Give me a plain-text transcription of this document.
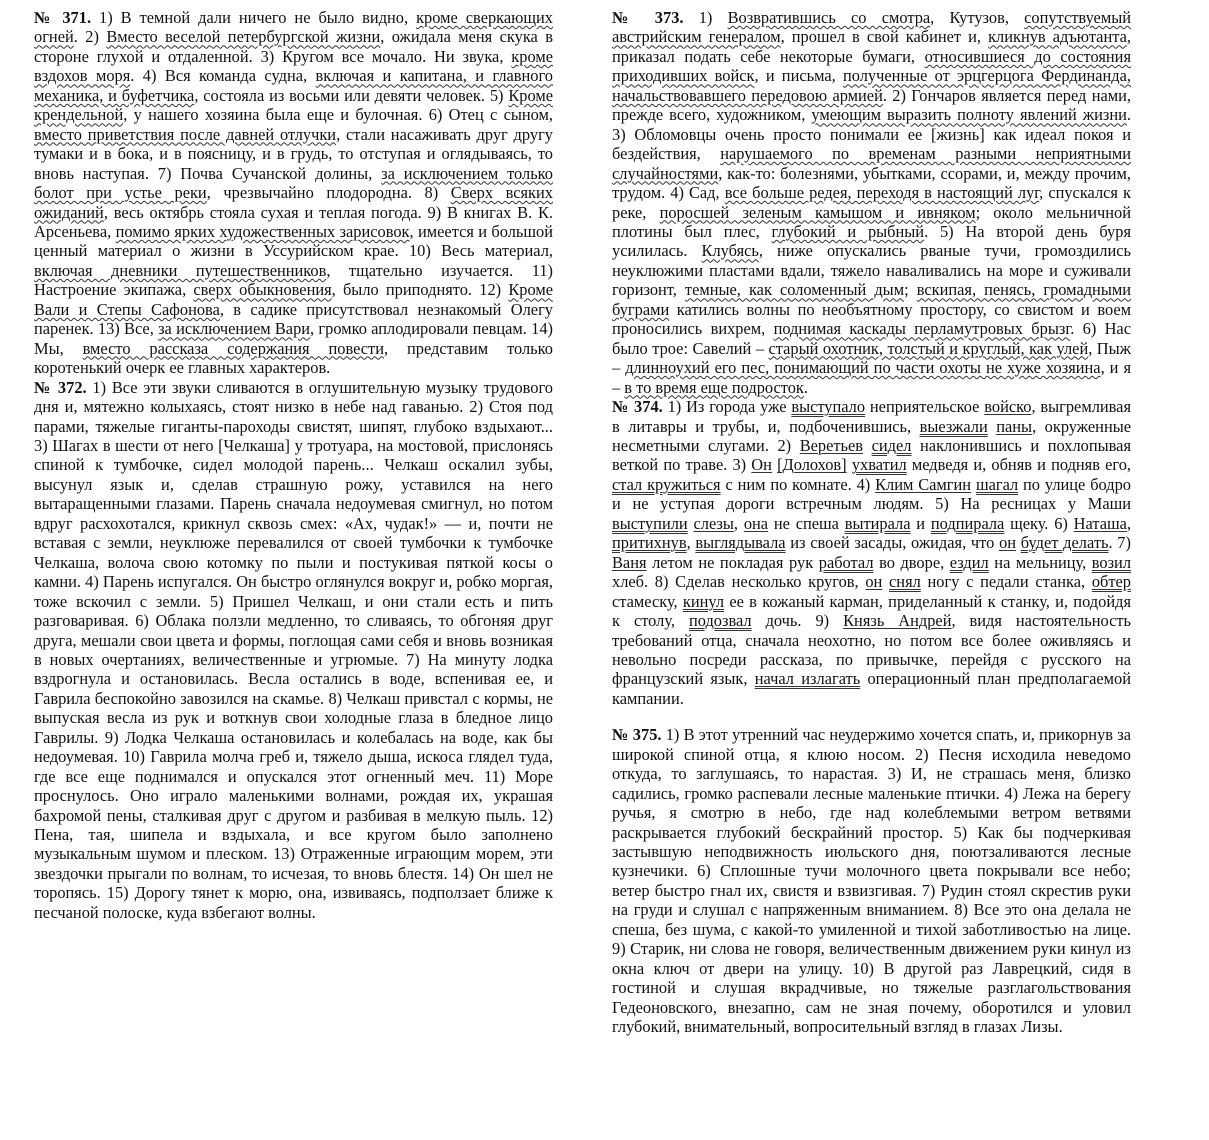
№ 371. 1) В темной дали ничего не было видно, кроме сверкающих огней. 2) Вместо веселой петербургской жизни, ожидала меня скука в стороне глухой и отдаленной. 3) Кругом все мочало. Ни звука, кроме вздохов моря. 4) Вся команда судна, включая и капитана, и главного механика, и буфетчика, состояла из восьми или девяти человек. 5) Кроме крендельной, у нашего хозяина была еще и булочная. 6) Отец с сыном, вместо приветствия после давней отлучки, стали насаживать друг другу тумаки и в бока, и в поясницу, и в грудь, то отступая и оглядываясь, то вновь наступая. 7) Почва Сучанской долины, за исключением только болот при устье реки, чрезвычайно плодородна. 8) Сверх всяких ожиданий, весь октябрь стояла сухая и теплая погода. 9) В книгах В. К. Арсеньева, помимо ярких художественных зарисовок, имеется и большой ценный материал о жизни в Уссурийском крае. 10) Весь материал, включая дневники путешественников, тщательно изучается. 11) Настроение экипажа, сверх обыкновения, было приподнято. 12) Кроме Вали и Степы Сафонова, в садике присутствовал незнакомый Олегу паренек. 13) Все, за исключением Вари, громко аплодировали певцам. 14) Мы, вместо рассказа содержания повести, представим только коротенький очерк ее главных характеров.

№ 372. 1) Все эти звуки сливаются в оглушительную музыку трудового дня и, мятежно колыхаясь, стоят низко в небе над гаванью. 2) Стоя под парами, тяжелые гиганты-пароходы свистят, шипят, глубоко вздыхают... 3) Шагах в шести от него [Челкаша] у тротуара, на мостовой, прислонясь спиной к тумбочке, сидел молодой парень... Челкаш оскалил зубы, высунул язык и, сделав страшную рожу, уставился на него вытаращенными глазами. Парень сначала недоумевая смигнул, но потом вдруг расхохотался, крикнул сквозь смех: «Ах, чудак!» — и, почти не вставая с земли, неуклюже перевалился от своей тумбочки к тумбочке Челкаша, волоча свою котомку по пыли и постукивая пяткой косы о камни. 4) Парень испугался. Он быстро оглянулся вокруг и, робко моргая, тоже вскочил с земли. 5) Пришел Челкаш, и они стали есть и пить разговаривая. 6) Облака ползли медленно, то сливаясь, то обгоняя друг друга, мешали свои цвета и формы, поглощая сами себя и вновь возникая в новых очертаниях, величественные и угрюмые. 7) На минуту лодка вздрогнула и остановилась. Весла остались в воде, вспенивая ее, и Гаврила беспокойно завозился на скамье. 8) Челкаш привстал с кормы, не выпуская весла из рук и воткнув свои холодные глаза в бледное лицо Гаврилы. 9) Лодка Челкаша остановилась и колебалась на воде, как бы недоумевая. 10) Гаврила молча греб и, тяжело дыша, искоса глядел туда, где все еще поднимался и опускался этот огненный меч. 11) Море проснулось. Оно играло маленькими волнами, рождая их, украшая бахромой пены, сталкивая друг с другом и разбивая в мелкую пыль. 12) Пена, тая, шипела и вздыхала, и все кругом было заполнено музыкальным шумом и плеском. 13) Отраженные играющим морем, эти звездочки прыгали по волнам, то исчезая, то вновь блестя. 14) Он шел не торопясь. 15) Дорогу тянет к морю, она, извиваясь, подползает ближе к песчаной полоске, куда взбегают волны.

№ 373. 1) Возвратившись со смотра, Кутузов, сопутствуемый австрийским генералом, прошел в свой кабинет и, кликнув адъютанта, приказал подать себе некоторые бумаги, относившиеся до состояния приходивших войск, и письма, полученные от эрцгерцога Фердинанда, начальствовавшего передовою армией. 2) Гончаров является перед нами, прежде всего, художником, умеющим выразить полноту явлений жизни. 3) Обломовцы очень просто понимали ее [жизнь] как идеал покоя и бездействия, нарушаемого по временам разными неприятными случайностями, как-то: болезнями, убытками, ссорами, и, между прочим, трудом. 4) Сад, все больше редея, переходя в настоящий луг, спускался к реке, поросшей зеленым камышом и ивняком; около мельничной плотины был плес, глубокий и рыбный. 5) На второй день буря усилилась. Клубясь, ниже опускались рваные тучи, громоздились неуклюжими пластами вдали, тяжело наваливались на море и суживали горизонт, темные, как соломенный дым; вскипая, пенясь, громадными буграми катились волны по необъятному простору, со свистом и воем проносились вихрем, поднимая каскады перламутровых брызг. 6) Нас было трое: Савелий – старый охотник, толстый и круглый, как улей, Пыж – длинноухий его пес, понимающий по части охоты не хуже хозяина, и я – в то время еще подросток.

№ 374. 1) Из города уже выступало неприятельское войско, выгремливая в литавры и трубы, и, подбоченившись, выезжали паны, окруженные несметными слугами. 2) Веретьев сидел наклонившись и похлопывая веткой по траве. 3) Он [Долохов] ухватил медведя и, обняв и подняв его, стал кружиться с ним по комнате. 4) Клим Самгин шагал по улице бодро и не уступая дороги встречным людям. 5) На ресницах у Маши выступили слезы, она не спеша вытирала и подпирала щеку. 6) Наташа, притихнув, выглядывала из своей засады, ожидая, что он будет делать. 7) Ваня летом не покладая рук работал во дворе, ездил на мельницу, возил хлеб. 8) Сделав несколько кругов, он снял ногу с педали станка, обтер стамеску, кинул ее в кожаный карман, приделанный к станку, и, подойдя к столу, подозвал дочь. 9) Князь Андрей, видя настоятельность требований отца, сначала неохотно, но потом все более оживляясь и невольно посреди рассказа, по привычке, перейдя с русского на французский язык, начал излагать операционный план предполагаемой кампании.

№ 375. 1) В этот утренний час неудержимо хочется спать, и, прикорнув за широкой спиной отца, я клюю носом. 2) Песня исходила неведомо откуда, то заглушаясь, то нарастая. 3) И, не страшась меня, близко садились, громко распевали лесные маленькие птички. 4) Лежа на берегу ручья, я смотрю в небо, где над колеблемыми ветром ветвями раскрывается глубокий бескрайний простор. 5) Как бы подчеркивая застывшую неподвижность июльского дня, поютзаливаются лесные кузнечики. 6) Сплошные тучи молочного цвета покрывали все небо; ветер быстро гнал их, свистя и взвизгивая. 7) Рудин стоял скрестив руки на груди и слушал с напряженным вниманием. 8) Все это она делала не спеша, без шума, с какой-то умиленной и тихой заботливостью на лице. 9) Старик, ни слова не говоря, величественным движением руки кинул из окна ключ от двери на улицу. 10) В другой раз Лаврецкий, сидя в гостиной и слушая вкрадчивые, но тяжелые разглагольствования Гедеоновского, внезапно, сам не зная почему, оборотился и уловил глубокий, внимательный, вопросительный взгляд в глазах Лизы.
